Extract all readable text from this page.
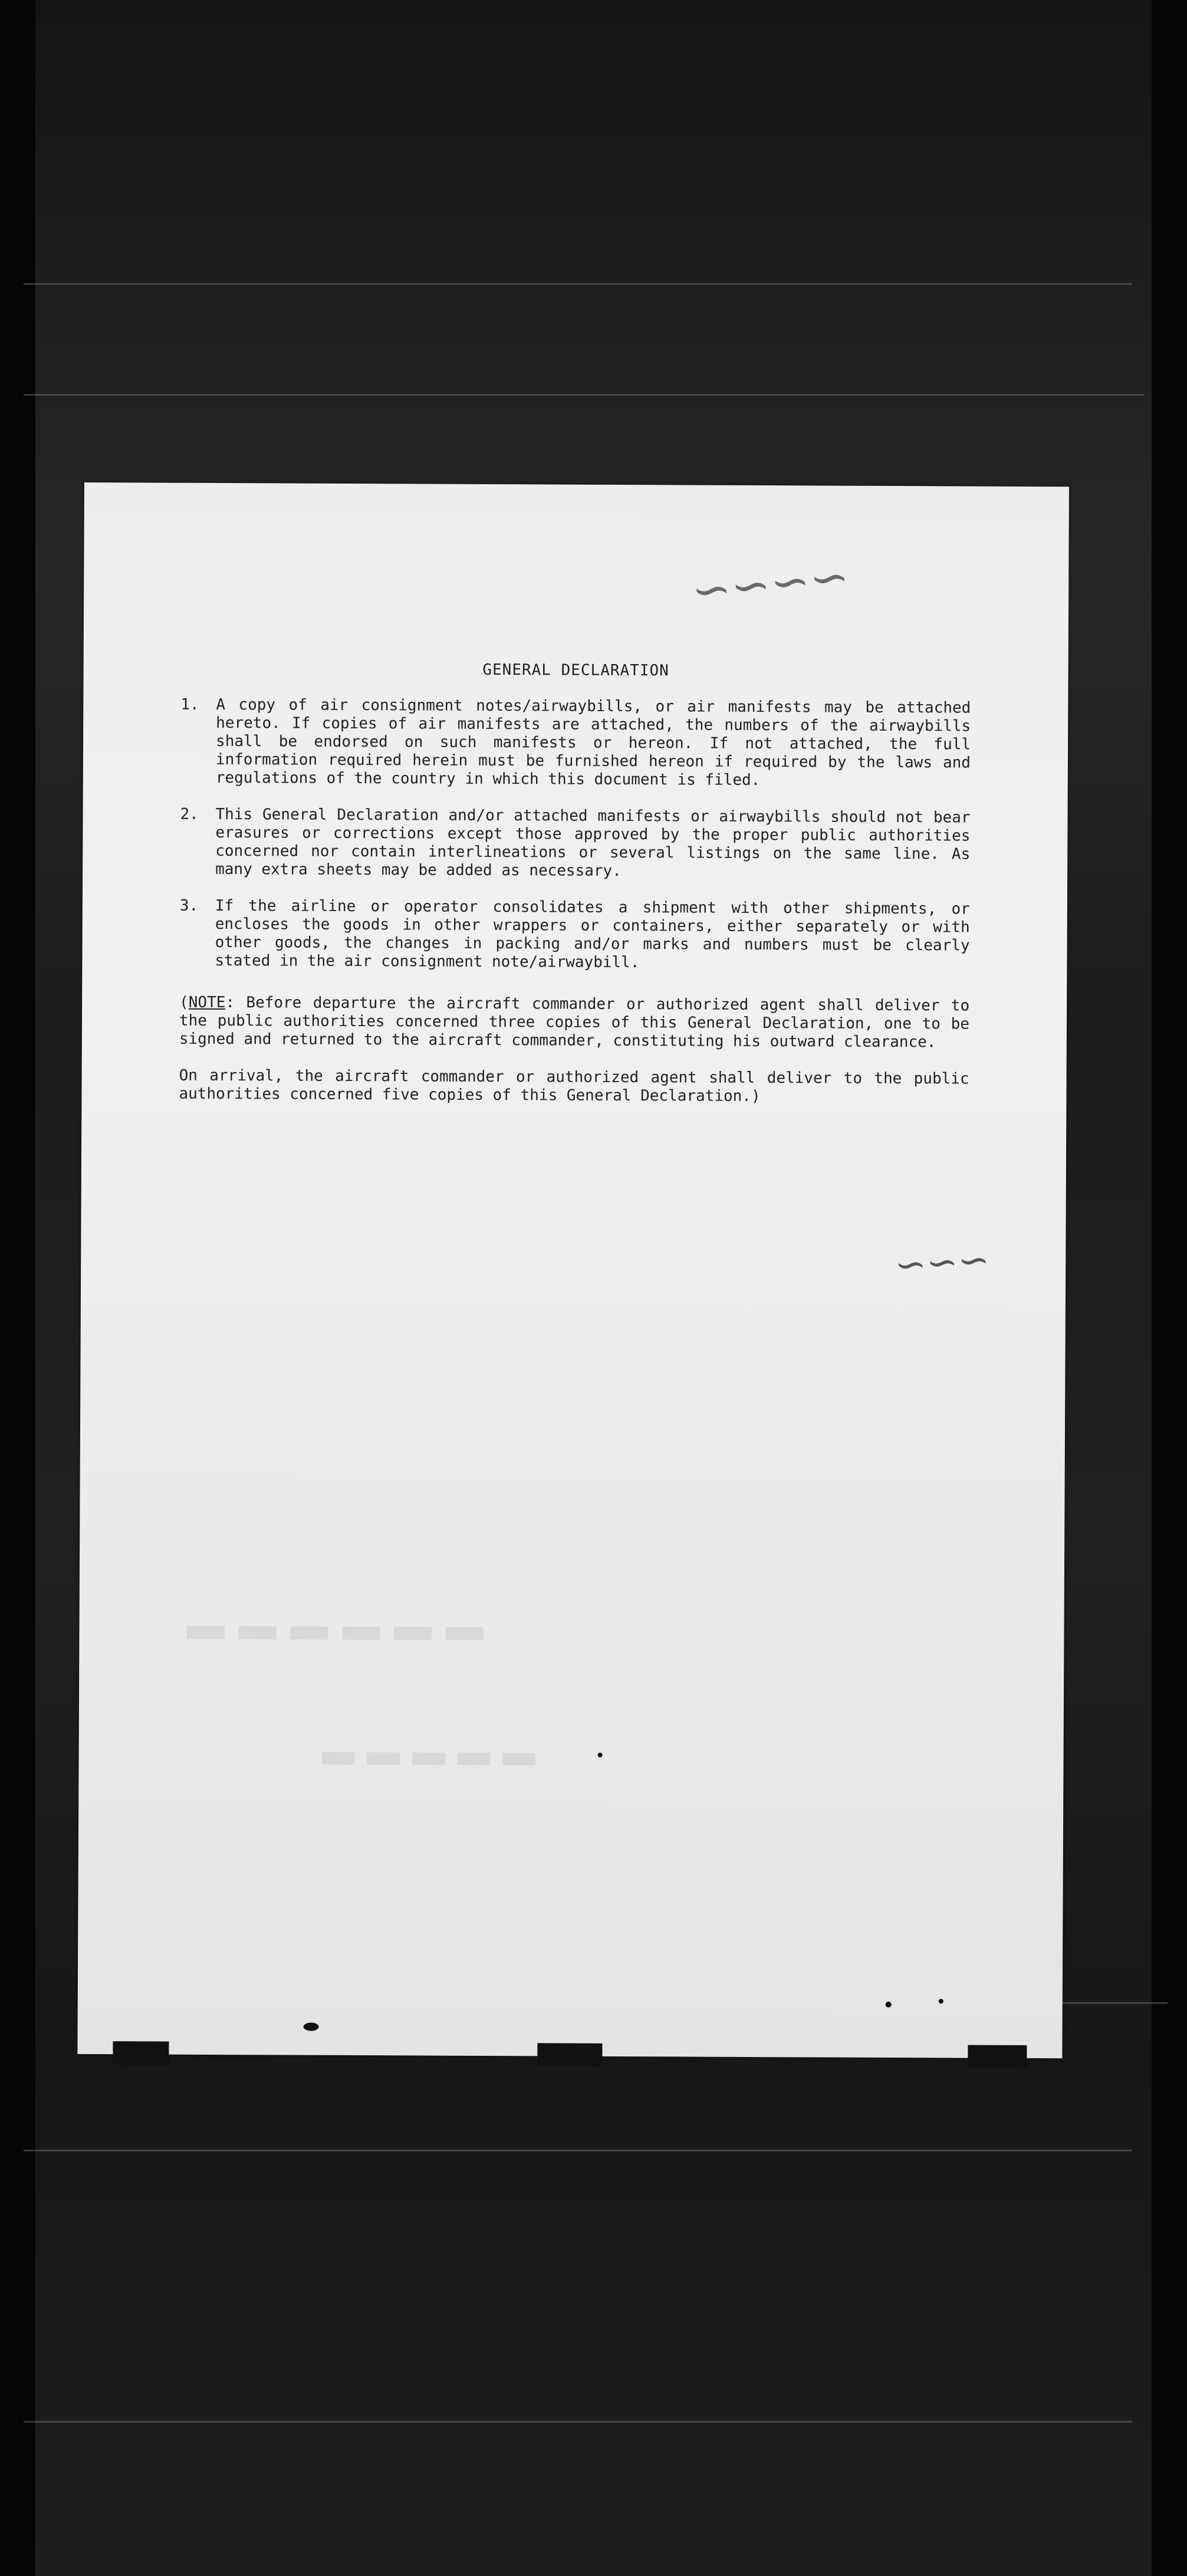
▬▬▬▬▬▬
▬▬▬▬▬
∽∽∽∽
∽∽∽
GENERAL DECLARATION
1.	A copy of air consignment notes/airwaybills, or air manifests may be attached hereto. If copies of air manifests are attached, the numbers of the airwaybills shall be endorsed on such manifests or hereon. If not attached, the full information required herein must be furnished hereon if required by the laws and regulations of the country in which this document is filed.
2.	This General Declaration and/or attached manifests or airwaybills should not bear erasures or corrections except those approved by the proper public authorities concerned nor contain interlineations or several listings on the same line. As many extra sheets may be added as necessary.
3.	If the airline or operator consolidates a shipment with other shipments, or encloses the goods in other wrappers or containers, either separately or with other goods, the changes in packing and/or marks and numbers must be clearly stated in the air consignment note/airwaybill.
(NOTE: Before departure the aircraft commander or authorized agent shall deliver to the public authorities concerned three copies of this General Declaration, one to be signed and returned to the aircraft commander, constituting his outward clearance.
On arrival, the aircraft commander or authorized agent shall deliver to the public authorities concerned five copies of this General Declaration.)
